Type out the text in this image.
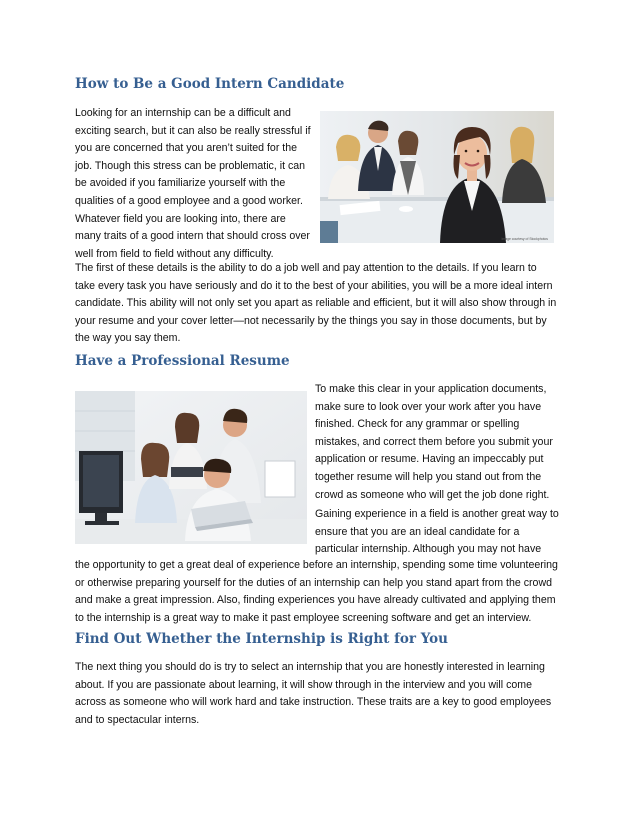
How to Be a Good Intern Candidate
Looking for an internship can be a difficult and
exciting search, but it can also be really stressful if
you are concerned that you aren’t suited for the
job. Though this stress can be problematic, it can
be avoided if you familiarize yourself with the
qualities of a good employee and a good worker.
Whatever field you are looking into, there are
many traits of a good intern that should cross over
well from field to field without any difficulty.
Image courtesy of Stockphotos
The first of these details is the ability to do a job well and pay attention to the details. If you learn to
take every task you have seriously and do it to the best of your abilities, you will be a more ideal intern
candidate. This ability will not only set you apart as reliable and efficient, but it will also show through in
your resume and your cover letter—not necessarily by the things you say in those documents, but by
the way you say them.
Have a Professional Resume
To make this clear in your application documents,
make sure to look over your work after you have
finished. Check for any grammar or spelling
mistakes, and correct them before you submit your
application or resume. Having an impeccably put
together resume will help you stand out from the
crowd as someone who will get the job done right.
Gaining experience in a field is another great way to
ensure that you are an ideal candidate for a
particular internship. Although you may not have
the opportunity to get a great deal of experience before an internship, spending some time volunteering
or otherwise preparing yourself for the duties of an internship can help you stand apart from the crowd
and make a great impression. Also, finding experiences you have already cultivated and applying them
to the internship is a great way to make it past employee screening software and get an interview.
Find Out Whether the Internship is Right for You
The next thing you should do is try to select an internship that you are honestly interested in learning
about. If you are passionate about learning, it will show through in the interview and you will come
across as someone who will work hard and take instruction. These traits are a key to good employees
and to spectacular interns.
